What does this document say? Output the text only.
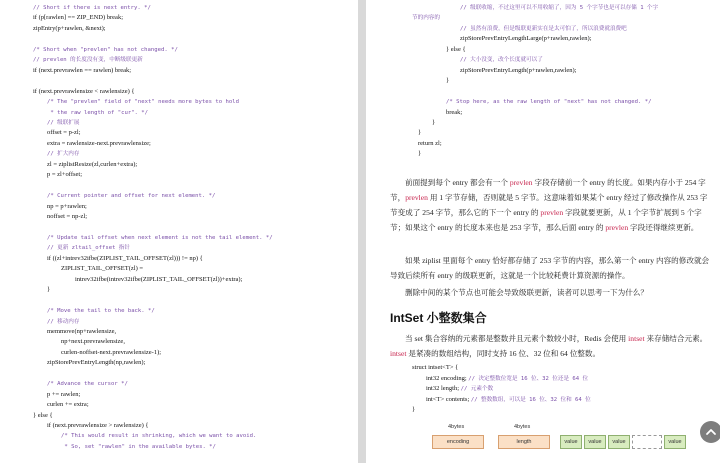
// Short if there is next entry. */
if (p[rawlen] == ZIP_END) break;
zipEntry(p+rawlen, &next);
/* Short when "prevlen" has not changed. */
// prevlen 的长度没有变，中断级联更新
if (next.prevrawlen == rawlen) break;
if (next.prevrawlensize < rawlensize) {
/* The "prevlen" field of "next" needs more bytes to hold
* the raw length of "cur". */
// 级联扩展
offset = p-zl;
extra = rawlensize-next.prevrawlensize;
// 扩大内存
zl = ziplistResize(zl,curlen+extra);
p = zl+offset;
/* Current pointer and offset for next element. */
np = p+rawlen;
noffset = np-zl;
/* Update tail offset when next element is not the tail element. */
// 更新 zltail_offset 指针
if ((zl+intrev32ifbe(ZIPLIST_TAIL_OFFSET(zl))) != np) {
ZIPLIST_TAIL_OFFSET(zl) =
intrev32ifbe(intrev32ifbe(ZIPLIST_TAIL_OFFSET(zl))+extra);
}
/* Move the tail to the back. */
// 移动内存
memmove(np+rawlensize,
np+next.prevrawlensize,
curlen-noffset-next.prevrawlensize-1);
zipStorePrevEntryLength(np,rawlen);
/* Advance the cursor */
p += rawlen;
curlen += extra;
} else {
if (next.prevrawlensize > rawlensize) {
/* This would result in shrinking, which we want to avoid.
* So, set "rawlen" in the available bytes. */
// 级联收缩，不过这里可以不用收缩了，因为 5 个字节也是可以存储 1 个字
节的内容的
// 虽然有浪费，但是级联更新实在是太可怕了，所以浪费就浪费吧
zipStorePrevEntryLengthLarge(p+rawlen,rawlen);
} else {
// 大小没变，改个长度就可以了
zipStorePrevEntryLength(p+rawlen,rawlen);
}
/* Stop here, as the raw length of "next" has not changed. */
break;
}
}
return zl;
}

前面提到每个 entry 都会有一个 prevlen 字段存储前一个 entry 的长度。如果内存小于 254 字节，prevlen 用 1 字节存储，否则就是 5 字节。这意味着如果某个 entry 经过了修改操作从 253 字节变成了 254 字节，那么它的下一个 entry 的 prevlen 字段就要更新，从 1 个字节扩展到 5 个字节；如果这个 entry 的长度本来也是 253 字节，那么后面 entry 的 prevlen 字段还得继续更新。

如果 ziplist 里面每个 entry 恰好都存储了 253 字节的内容，那么第一个 entry 内容的修改就会导致后续所有 entry 的级联更新，这就是一个比较耗费计算资源的操作。

删除中间的某个节点也可能会导致级联更新，读者可以思考一下为什么？

IntSet 小整数集合

当 set 集合容纳的元素都是整数并且元素个数较小时，Redis 会使用 intset 来存储结合元素。intset 是紧凑的数组结构，同时支持 16 位、32 位和 64 位整数。

struct intset<T> {
int32 encoding; // 决定整数位宽是 16 位、32 位还是 64 位
int32 length; // 元素个数
int<T> contents; // 整数数组，可以是 16 位、32 位和 64 位
}
encoding
4bytes
length
4bytes
value	value	value	value
